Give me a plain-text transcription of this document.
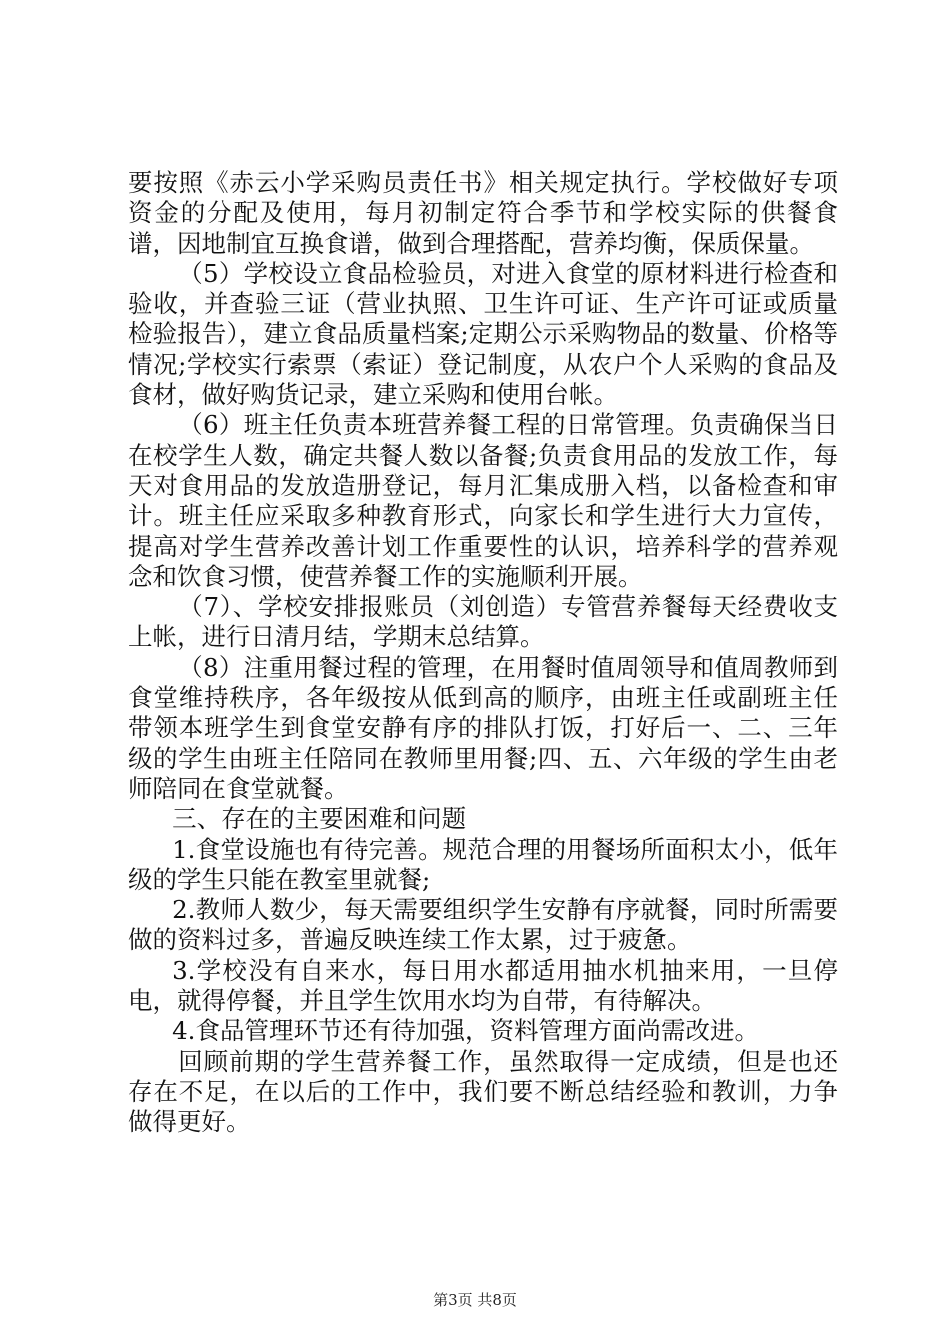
要按照《赤云小学采购员责任书》相关规定执行。学校做好专项资金的分配及使用，每月初制定符合季节和学校实际的供餐食谱，因地制宜互换食谱，做到合理搭配，营养均衡，保质保量。

（5）学校设立食品检验员，对进入食堂的原材料进行检查和验收，并查验三证（营业执照、卫生许可证、生产许可证或质量检验报告），建立食品质量档案;定期公示采购物品的数量、价格等情况;学校实行索票（索证）登记制度，从农户个人采购的食品及食材，做好购货记录，建立采购和使用台帐。

（6）班主任负责本班营养餐工程的日常管理。负责确保当日在校学生人数，确定共餐人数以备餐;负责食用品的发放工作，每天对食用品的发放造册登记，每月汇集成册入档，以备检查和审计。班主任应采取多种教育形式，向家长和学生进行大力宣传，提高对学生营养改善计划工作重要性的认识，培养科学的营养观念和饮食习惯，使营养餐工作的实施顺利开展。

（7）、学校安排报账员（刘创造）专管营养餐每天经费收支上帐，进行日清月结，学期末总结算。

（8）注重用餐过程的管理，在用餐时值周领导和值周教师到食堂维持秩序，各年级按从低到高的顺序，由班主任或副班主任带领本班学生到食堂安静有序的排队打饭，打好后一、二、三年级的学生由班主任陪同在教师里用餐;四、五、六年级的学生由老师陪同在食堂就餐。

三、存在的主要困难和问题

1.食堂设施也有待完善。规范合理的用餐场所面积太小，低年级的学生只能在教室里就餐;

2.教师人数少，每天需要组织学生安静有序就餐，同时所需要做的资料过多，普遍反映连续工作太累，过于疲惫。

3.学校没有自来水，每日用水都适用抽水机抽来用，一旦停电，就得停餐，并且学生饮用水均为自带，有待解决。

4.食品管理环节还有待加强，资料管理方面尚需改进。

回顾前期的学生营养餐工作，虽然取得一定成绩，但是也还存在不足，在以后的工作中，我们要不断总结经验和教训，力争做得更好。

第3页 共8页
